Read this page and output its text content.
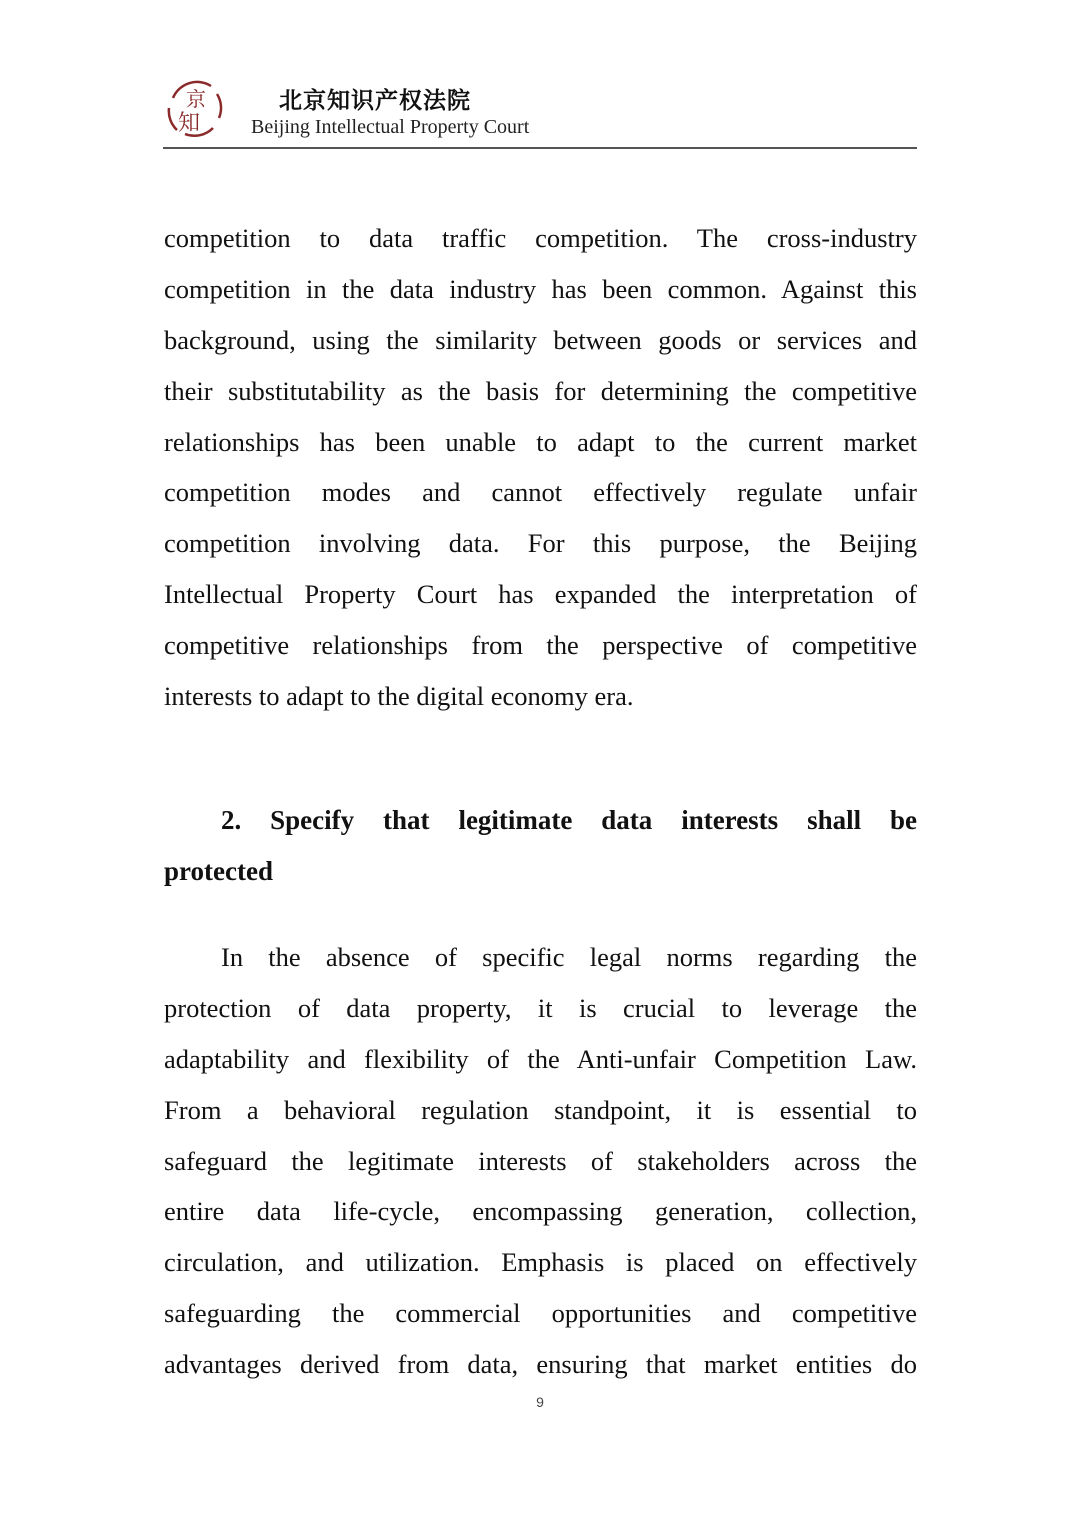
京
知
北京知识产权法院
Beijing Intellectual Property Court
competition to data traffic competition. The cross-industry
competition in the data industry has been common. Against this
background, using the similarity between goods or services and
their substitutability as the basis for determining the competitive
relationships has been unable to adapt to the current market
competition modes and cannot effectively regulate unfair
competition involving data. For this purpose, the Beijing
Intellectual Property Court has expanded the interpretation of
competitive relationships from the perspective of competitive
interests to adapt to the digital economy era.
2. Specify that legitimate data interests shall be
protected
In the absence of specific legal norms regarding the
protection of data property, it is crucial to leverage the
adaptability and flexibility of the Anti-unfair Competition Law.
From a behavioral regulation standpoint, it is essential to
safeguard the legitimate interests of stakeholders across the
entire data life-cycle, encompassing generation, collection,
circulation, and utilization. Emphasis is placed on effectively
safeguarding the commercial opportunities and competitive
advantages derived from data, ensuring that market entities do
9
